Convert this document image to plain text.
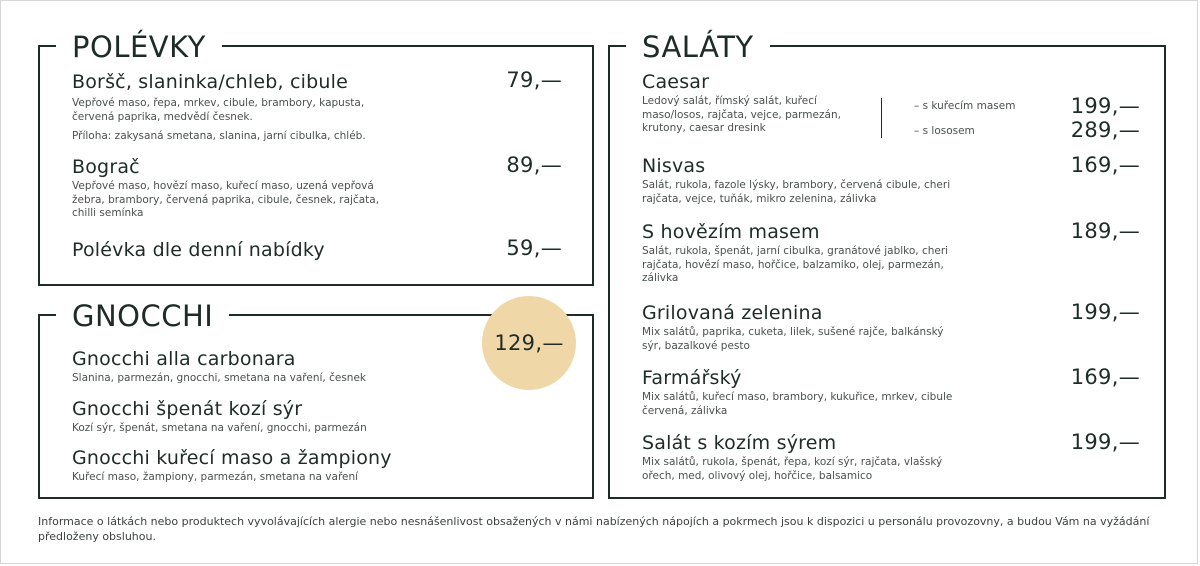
POLÉVKY
Boršč, slaninka/chleb, cibule
Vepřové maso, řepa, mrkev, cibule, brambory, kapusta, červená paprika, medvědí česnek.
Příloha: zakysaná smetana, slanina, jarní cibulka, chléb.
79,—
Bograč
Vepřové maso, hovězí maso, kuřecí maso, uzená vepřová žebra, brambory, červená paprika, cibule, česnek, rajčata, chilli semínka
89,—
Polévka dle denní nabídky	59,—
GNOCCHI
Gnocchi alla carbonara
Slanina, parmezán, gnocchi, smetana na vaření, česnek
Gnocchi špenát kozí sýr
Kozí sýr, špenát, smetana na vaření, gnocchi, parmezán
Gnocchi kuřecí maso a žampiony
Kuřecí maso, žampiony, parmezán, smetana na vaření
129,—
SALÁTY
Caesar
Ledový salát, římský salát, kuřecí maso/losos, rajčata, vejce, parmezán, krutony, caesar dresink
– s kuřecím masem	199,—
– s lososem	289,—
Nisvas
Salát, rukola, fazole lýsky, brambory, červená cibule, cheri rajčata, vejce, tuňák, mikro zelenina, zálivka
169,—
S hovězím masem
Salát, rukola, špenát, jarní cibulka, granátové jablko, cheri rajčata, hovězí maso, hořčice, balzamiko, olej, parmezán, zálivka
189,—
Grilovaná zelenina
Mix salátů, paprika, cuketa, lilek, sušené rajče, balkánský sýr, bazalkové pesto
199,—
Farmářský
Mix salátů, kuřecí maso, brambory, kukuřice, mrkev, cibule červená, zálivka
169,—
Salát s kozím sýrem
Mix salátů, rukola, špenát, řepa, kozí sýr, rajčata, vlašský ořech, med, olivový olej, hořčice, balsamico
199,—
Informace o látkách nebo produktech vyvolávajících alergie nebo nesnášenlivost obsažených v námi nabízených nápojích a pokrmech jsou k dispozici u personálu provozovny, a budou Vám na vyžádání předloženy obsluhou.
